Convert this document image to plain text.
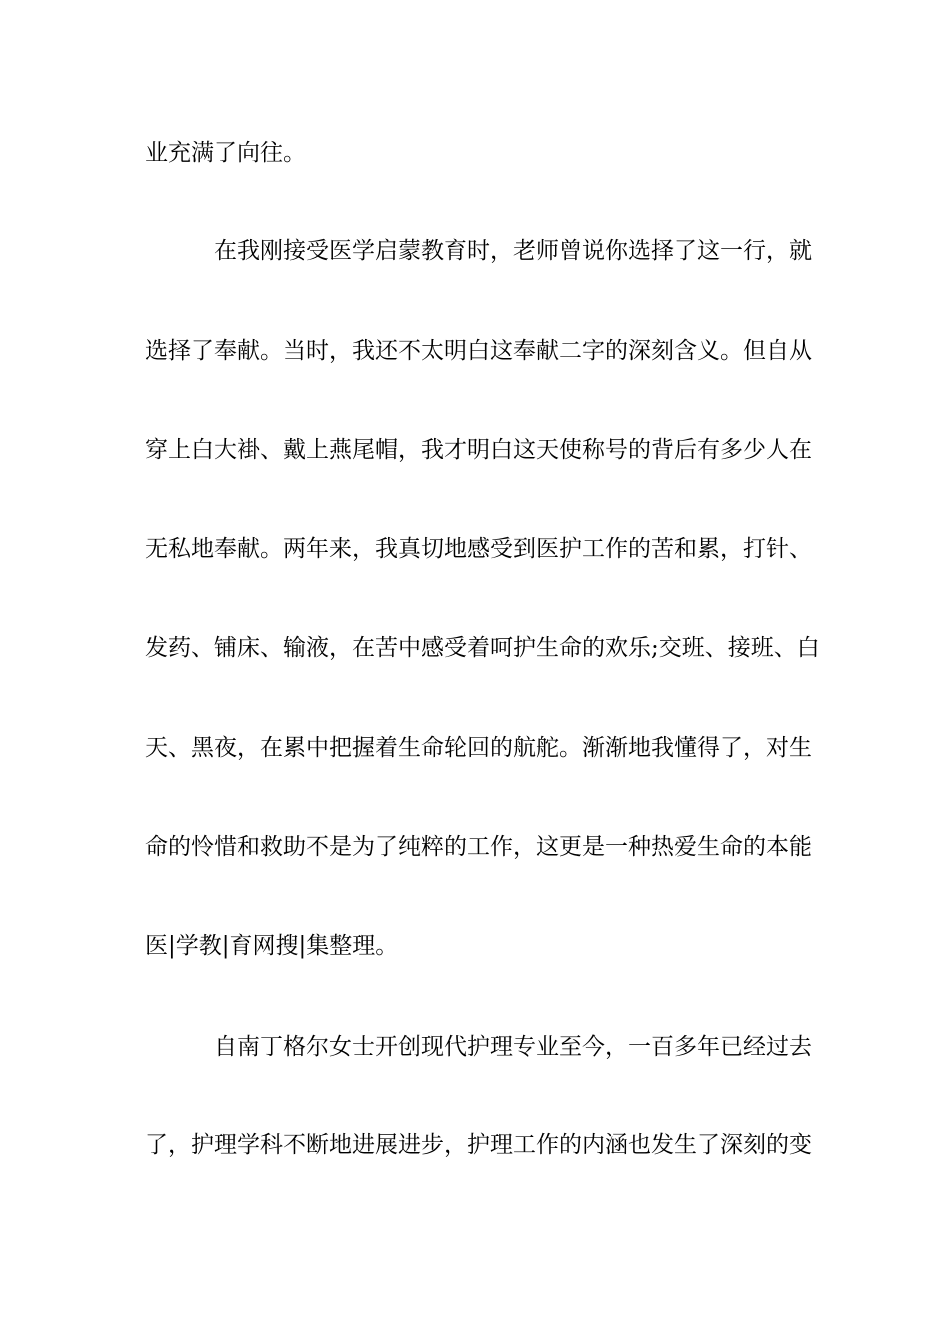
业充满了向往。
在我刚接受医学启蒙教育时，老师曾说你选择了这一行，就
选择了奉献。当时，我还不太明白这奉献二字的深刻含义。但自从
穿上白大褂、戴上燕尾帽，我才明白这天使称号的背后有多少人在
无私地奉献。两年来，我真切地感受到医护工作的苦和累，打针、
发药、铺床、输液，在苦中感受着呵护生命的欢乐;交班、接班、白
天、黑夜，在累中把握着生命轮回的航舵。渐渐地我懂得了，对生
命的怜惜和救助不是为了纯粹的工作，这更是一种热爱生命的本能
医|学教|育网搜|集整理。
自南丁格尔女士开创现代护理专业至今，一百多年已经过去
了，护理学科不断地进展进步，护理工作的内涵也发生了深刻的变
